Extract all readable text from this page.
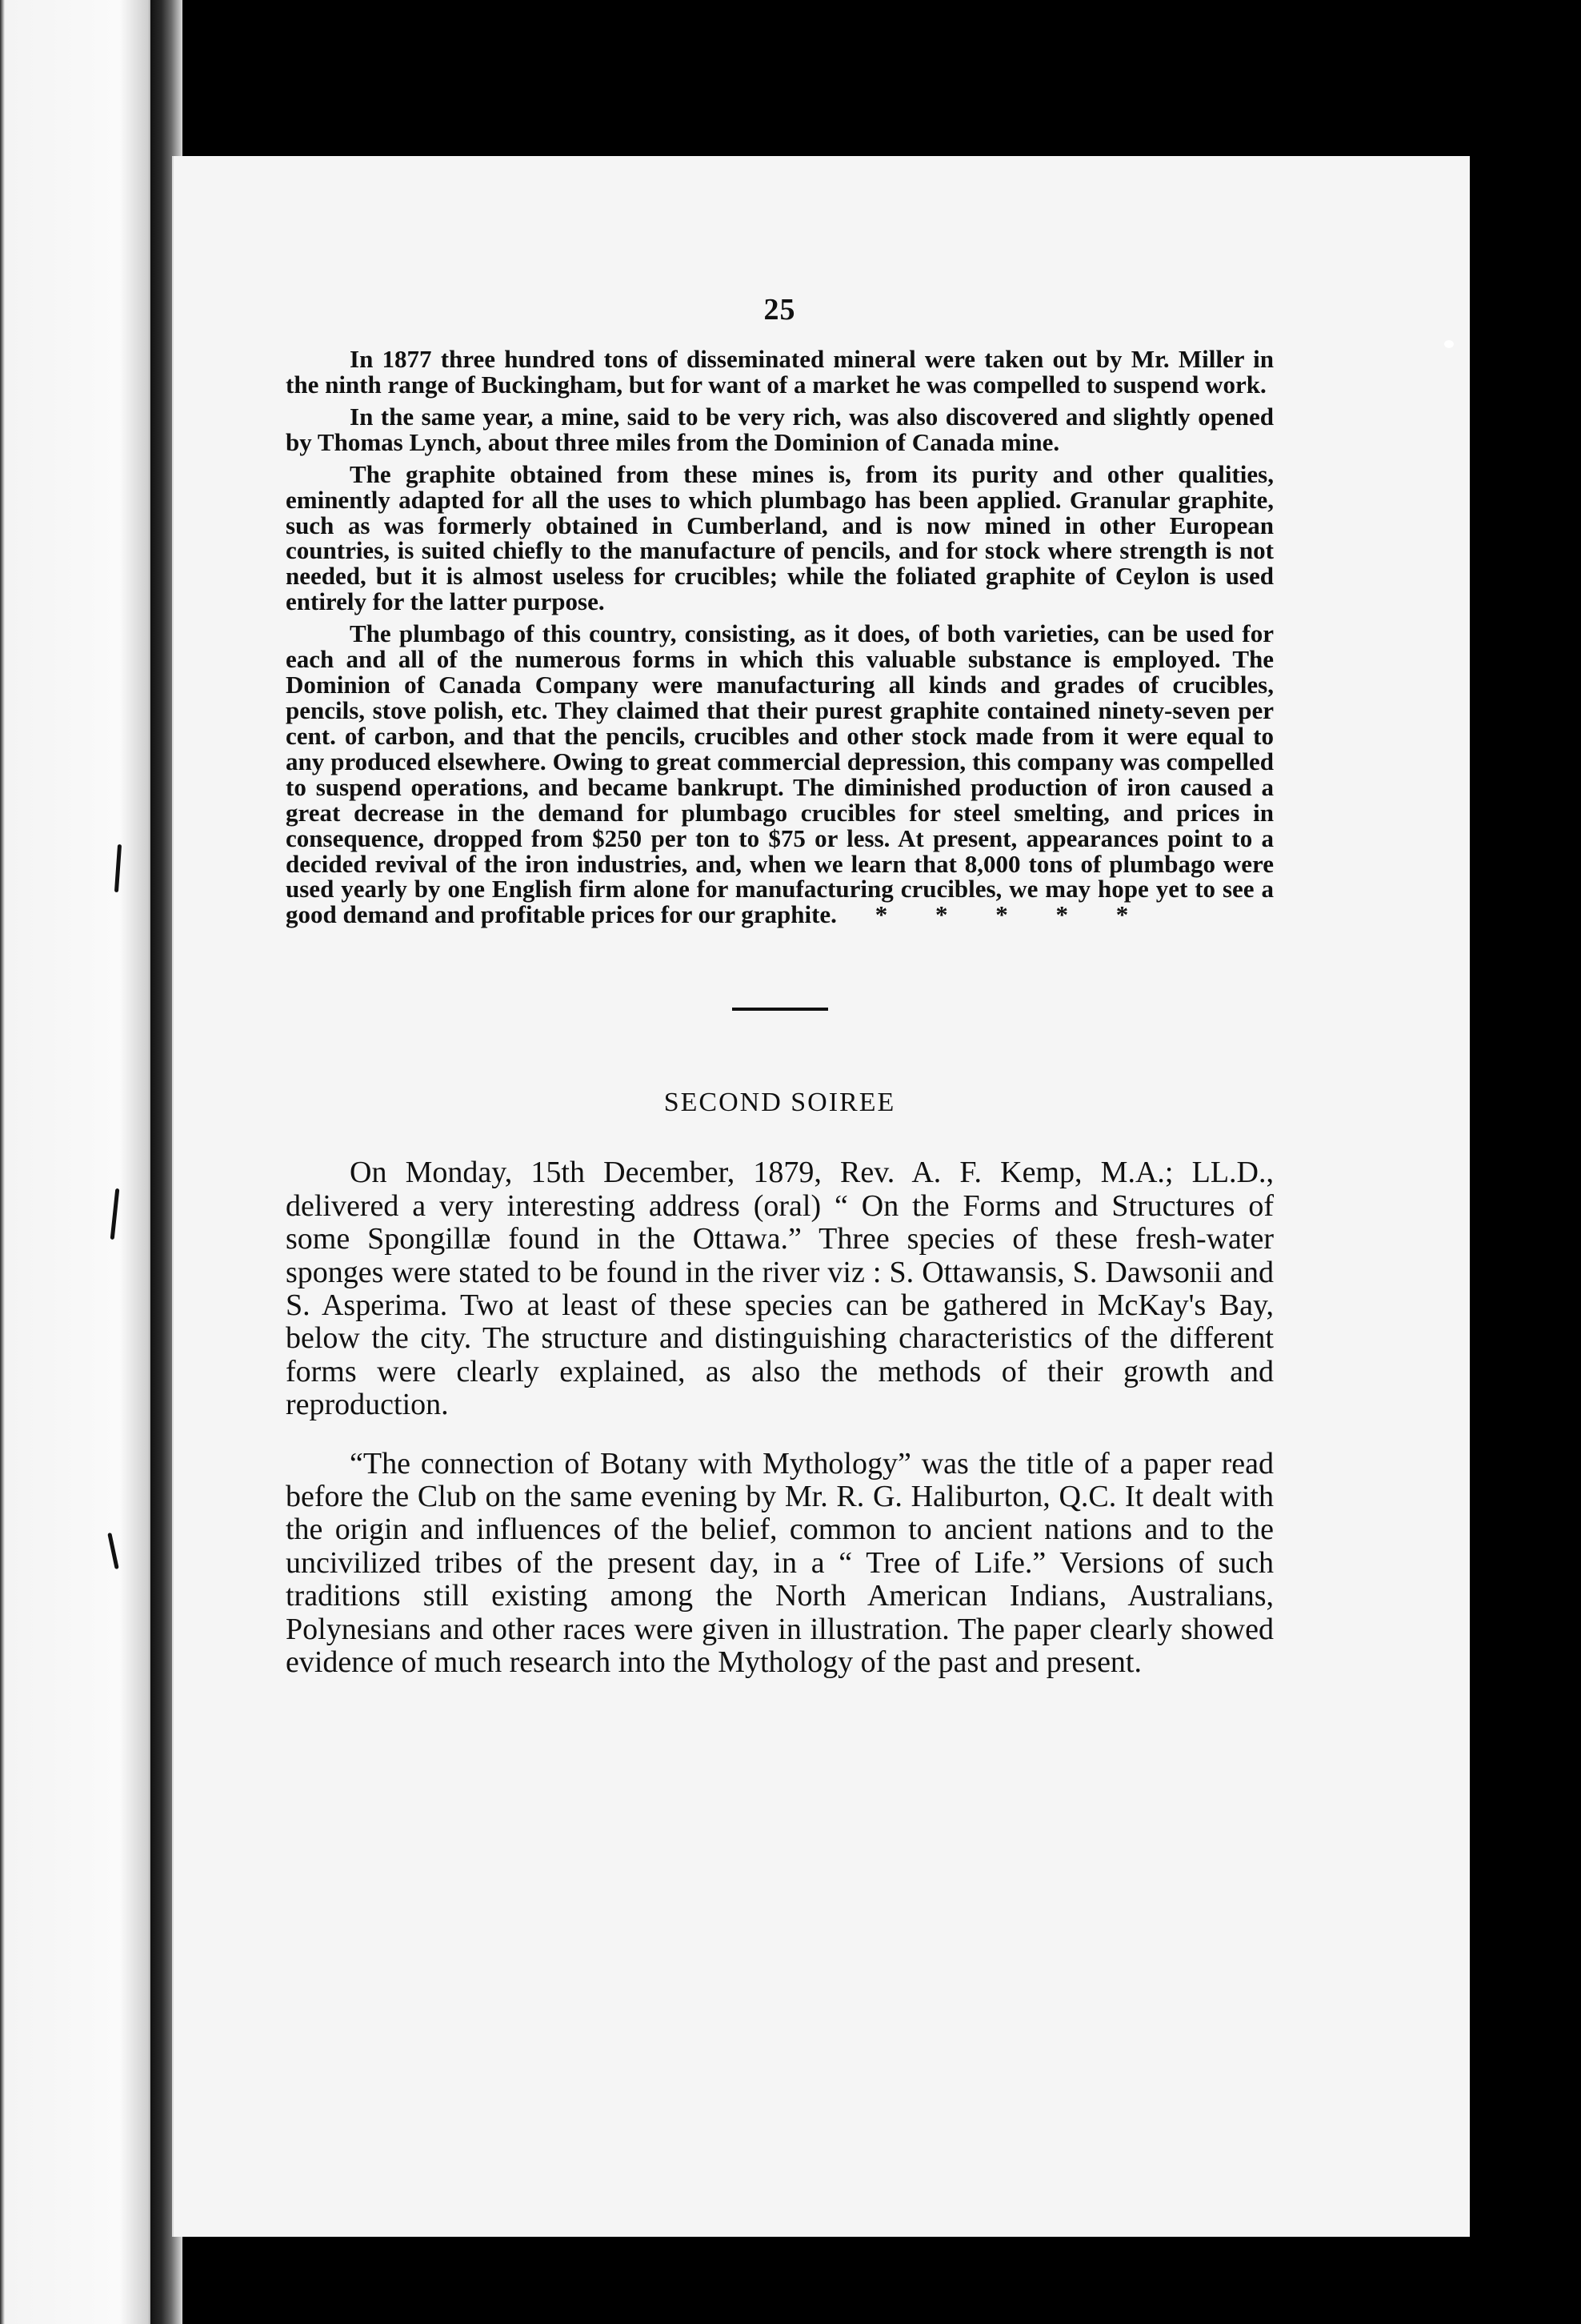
25

In 1877 three hundred tons of disseminated mineral were taken out by Mr. Miller in the ninth range of Buckingham, but for want of a market he was compelled to suspend work.

In the same year, a mine, said to be very rich, was also discovered and slightly opened by Thomas Lynch, about three miles from the Dominion of Canada mine.

The graphite obtained from these mines is, from its purity and other qualities, eminently adapted for all the uses to which plumbago has been applied. Granular graphite, such as was formerly obtained in Cumberland, and is now mined in other European countries, is suited chiefly to the manufacture of pencils, and for stock where strength is not needed, but it is almost useless for crucibles; while the foliated graphite of Ceylon is used entirely for the latter purpose.

The plumbago of this country, consisting, as it does, of both varieties, can be used for each and all of the numerous forms in which this valuable substance is employed. The Dominion of Canada Company were manufacturing all kinds and grades of crucibles, pencils, stove polish, etc. They claimed that their purest graphite contained ninety-seven per cent. of carbon, and that the pencils, crucibles and other stock made from it were equal to any produced elsewhere. Owing to great commercial depression, this company was compelled to suspend operations, and became bankrupt. The diminished production of iron caused a great decrease in the demand for plumbago crucibles for steel smelting, and prices in consequence, dropped from $250 per ton to $75 or less. At present, appearances point to a decided revival of the iron industries, and, when we learn that 8,000 tons of plumbago were used yearly by one English firm alone for manufacturing crucibles, we may hope yet to see a good demand and profitable prices for our graphite. * * * * *

SECOND SOIREE

On Monday, 15th December, 1879, Rev. A. F. Kemp, M.A.; LL.D., delivered a very interesting address (oral) “ On the Forms and Structures of some Spongillæ found in the Ottawa.” Three species of these fresh-water sponges were stated to be found in the river viz : S. Ottawansis, S. Dawsonii and S. Asperima. Two at least of these species can be gathered in McKay's Bay, below the city. The structure and distinguishing characteristics of the different forms were clearly explained, as also the methods of their growth and reproduction.

“The connection of Botany with Mythology” was the title of a paper read before the Club on the same evening by Mr. R. G. Haliburton, Q.C. It dealt with the origin and influences of the belief, common to ancient nations and to the uncivilized tribes of the present day, in a “ Tree of Life.” Versions of such traditions still existing among the North American Indians, Australians, Polynesians and other races were given in illustration. The paper clearly showed evidence of much research into the Mythology of the past and present.
